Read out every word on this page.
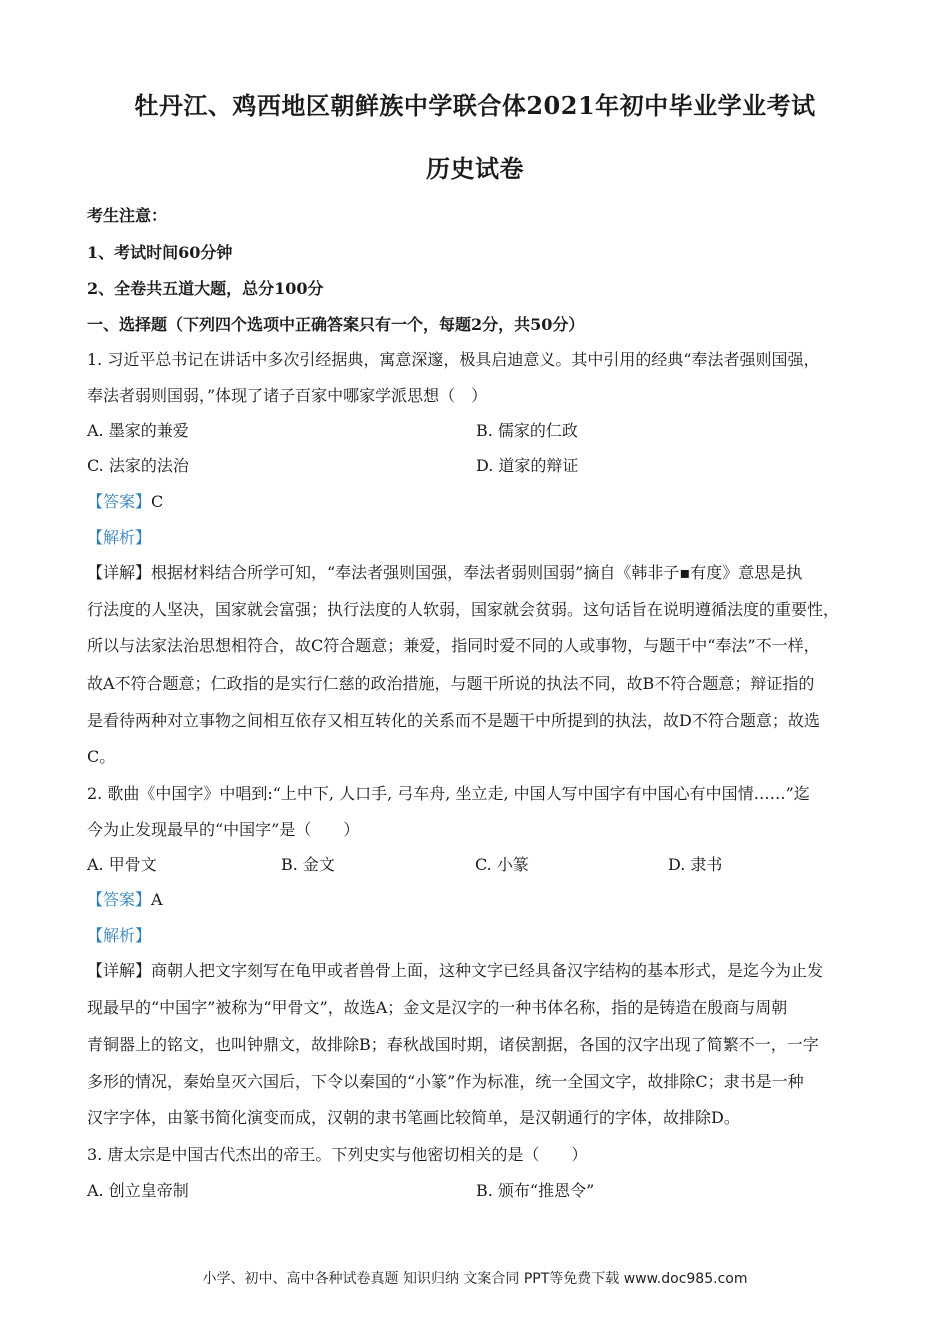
牡丹江、鸡西地区朝鲜族中学联合体2021年初中毕业学业考试
历史试卷
考生注意：
1、考试时间60分钟
2、全卷共五道大题，总分100分
一、选择题（下列四个选项中正确答案只有一个，每题2分，共50分）
1. 习近平总书记在讲话中多次引经据典，寓意深邃，极具启迪意义。其中引用的经典“奉法者强则国强，
奉法者弱则国弱，”体现了诸子百家中哪家学派思想（　）
A. 墨家的兼爱	B. 儒家的仁政
C. 法家的法治	D. 道家的辩证
【答案】C
【解析】
【详解】根据材料结合所学可知，“奉法者强则国强，奉法者弱则国弱”摘自《韩非子▪有度》意思是执
行法度的人坚决，国家就会富强；执行法度的人软弱，国家就会贫弱。这句话旨在说明遵循法度的重要性，
所以与法家法治思想相符合，故C符合题意；兼爱，指同时爱不同的人或事物，与题干中“奉法”不一样，
故A不符合题意；仁政指的是实行仁慈的政治措施，与题干所说的执法不同，故B不符合题意；辩证指的
是看待两种对立事物之间相互依存又相互转化的关系而不是题干中所提到的执法，故D不符合题意；故选
C。
2. 歌曲《中国字》中唱到:“上中下, 人口手, 弓车舟, 坐立走, 中国人写中国字有中国心有中国情……”迄
今为止发现最早的“中国字”是（　　）
A. 甲骨文	B. 金文	C. 小篆	D. 隶书
【答案】A
【解析】
【详解】商朝人把文字刻写在龟甲或者兽骨上面，这种文字已经具备汉字结构的基本形式，是迄今为止发
现最早的“中国字”被称为“甲骨文”，故选A；金文是汉字的一种书体名称，指的是铸造在殷商与周朝
青铜器上的铭文，也叫钟鼎文，故排除B；春秋战国时期，诸侯割据，各国的汉字出现了简繁不一，一字
多形的情况，秦始皇灭六国后，下令以秦国的“小篆”作为标准，统一全国文字，故排除C；隶书是一种
汉字字体，由篆书简化演变而成，汉朝的隶书笔画比较简单，是汉朝通行的字体，故排除D。
3. 唐太宗是中国古代杰出的帝王。下列史实与他密切相关的是（　　）
A. 创立皇帝制	B. 颁布“推恩令”
小学、初中、高中各种试卷真题 知识归纳 文案合同 PPT等免费下载 www.doc985.com
